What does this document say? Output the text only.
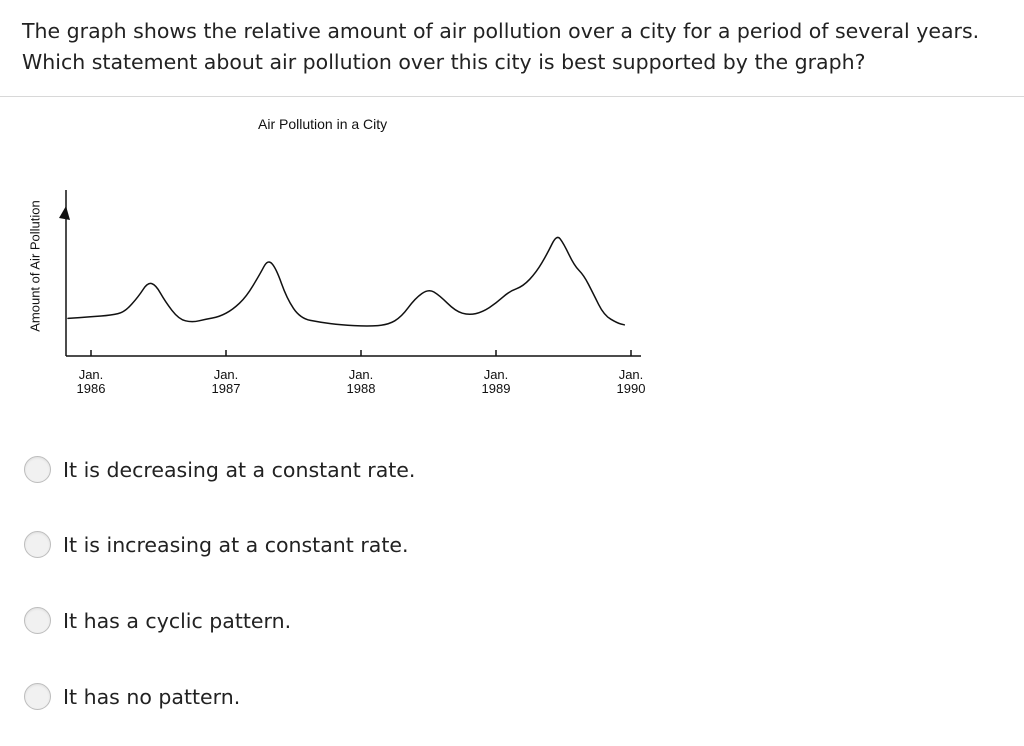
The graph shows the relative amount of air pollution over a city for a period of several years.

Which statement about air pollution over this city is best supported by the graph?

Air Pollution in a City
Amount of Air Pollution
Jan.
1986
Jan.
1987
Jan.
1988
Jan.
1989
Jan.
1990
It is decreasing at a constant rate.
It is increasing at a constant rate.
It has a cyclic pattern.
It has no pattern.
